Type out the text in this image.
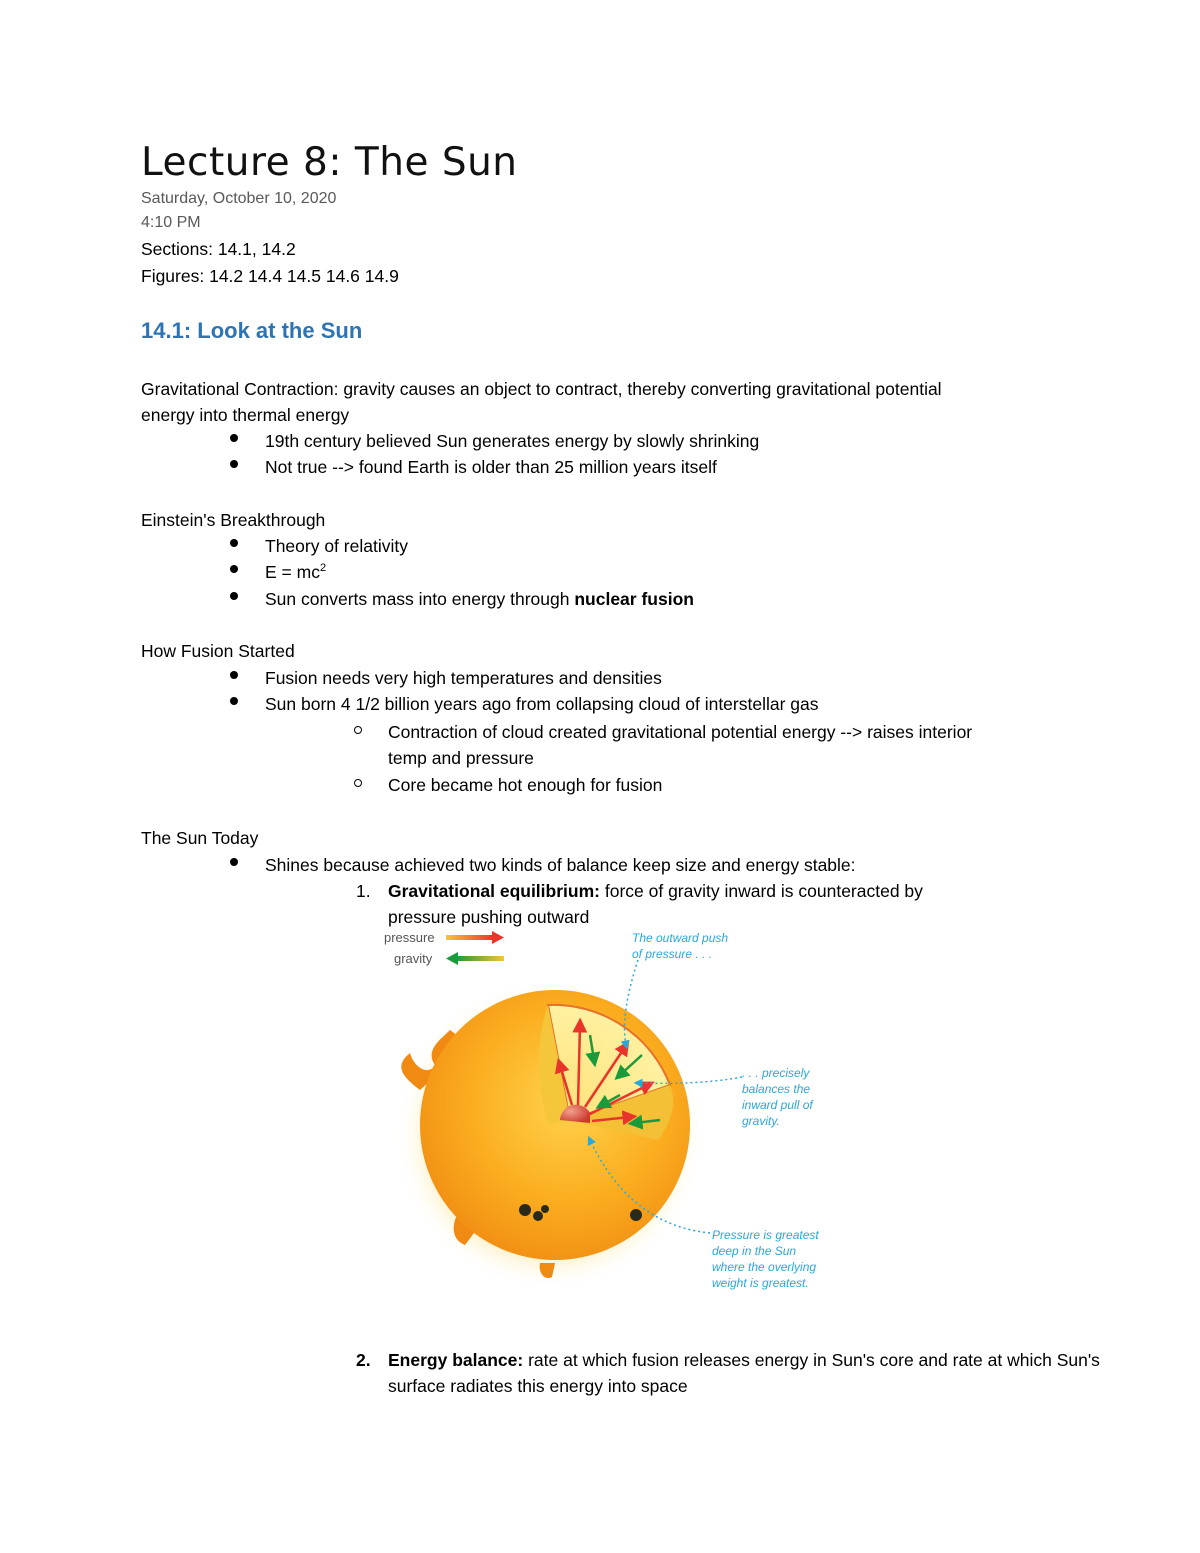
Lecture 8: The Sun
Saturday, October 10, 2020
4:10 PM
Sections: 14.1, 14.2
Figures: 14.2 14.4 14.5 14.6 14.9
14.1: Look at the Sun
Gravitational Contraction: gravity causes an object to contract, thereby converting gravitational potential
energy into thermal energy
19th century believed Sun generates energy by slowly shrinking
Not true --> found Earth is older than 25 million years itself
Einstein's Breakthrough
Theory of relativity
$E = mc^2$
Sun converts mass into energy through nuclear fusion
How Fusion Started
Fusion needs very high temperatures and densities
Sun born 4 1/2 billion years ago from collapsing cloud of interstellar gas
Contraction of cloud created gravitational potential energy --> raises interior
temp and pressure
Core became hot enough for fusion
The Sun Today
Shines because achieved two kinds of balance keep size and energy stable:
1. Gravitational equilibrium: force of gravity inward is counteracted by
pressure pushing outward
pressure
gravity
The outward push
of pressure . . .
. . . precisely
balances the
inward pull of
gravity.
Pressure is greatest
deep in the Sun
where the overlying
weight is greatest.
2. Energy balance: rate at which fusion releases energy in Sun's core and rate at which Sun's
surface radiates this energy into space
